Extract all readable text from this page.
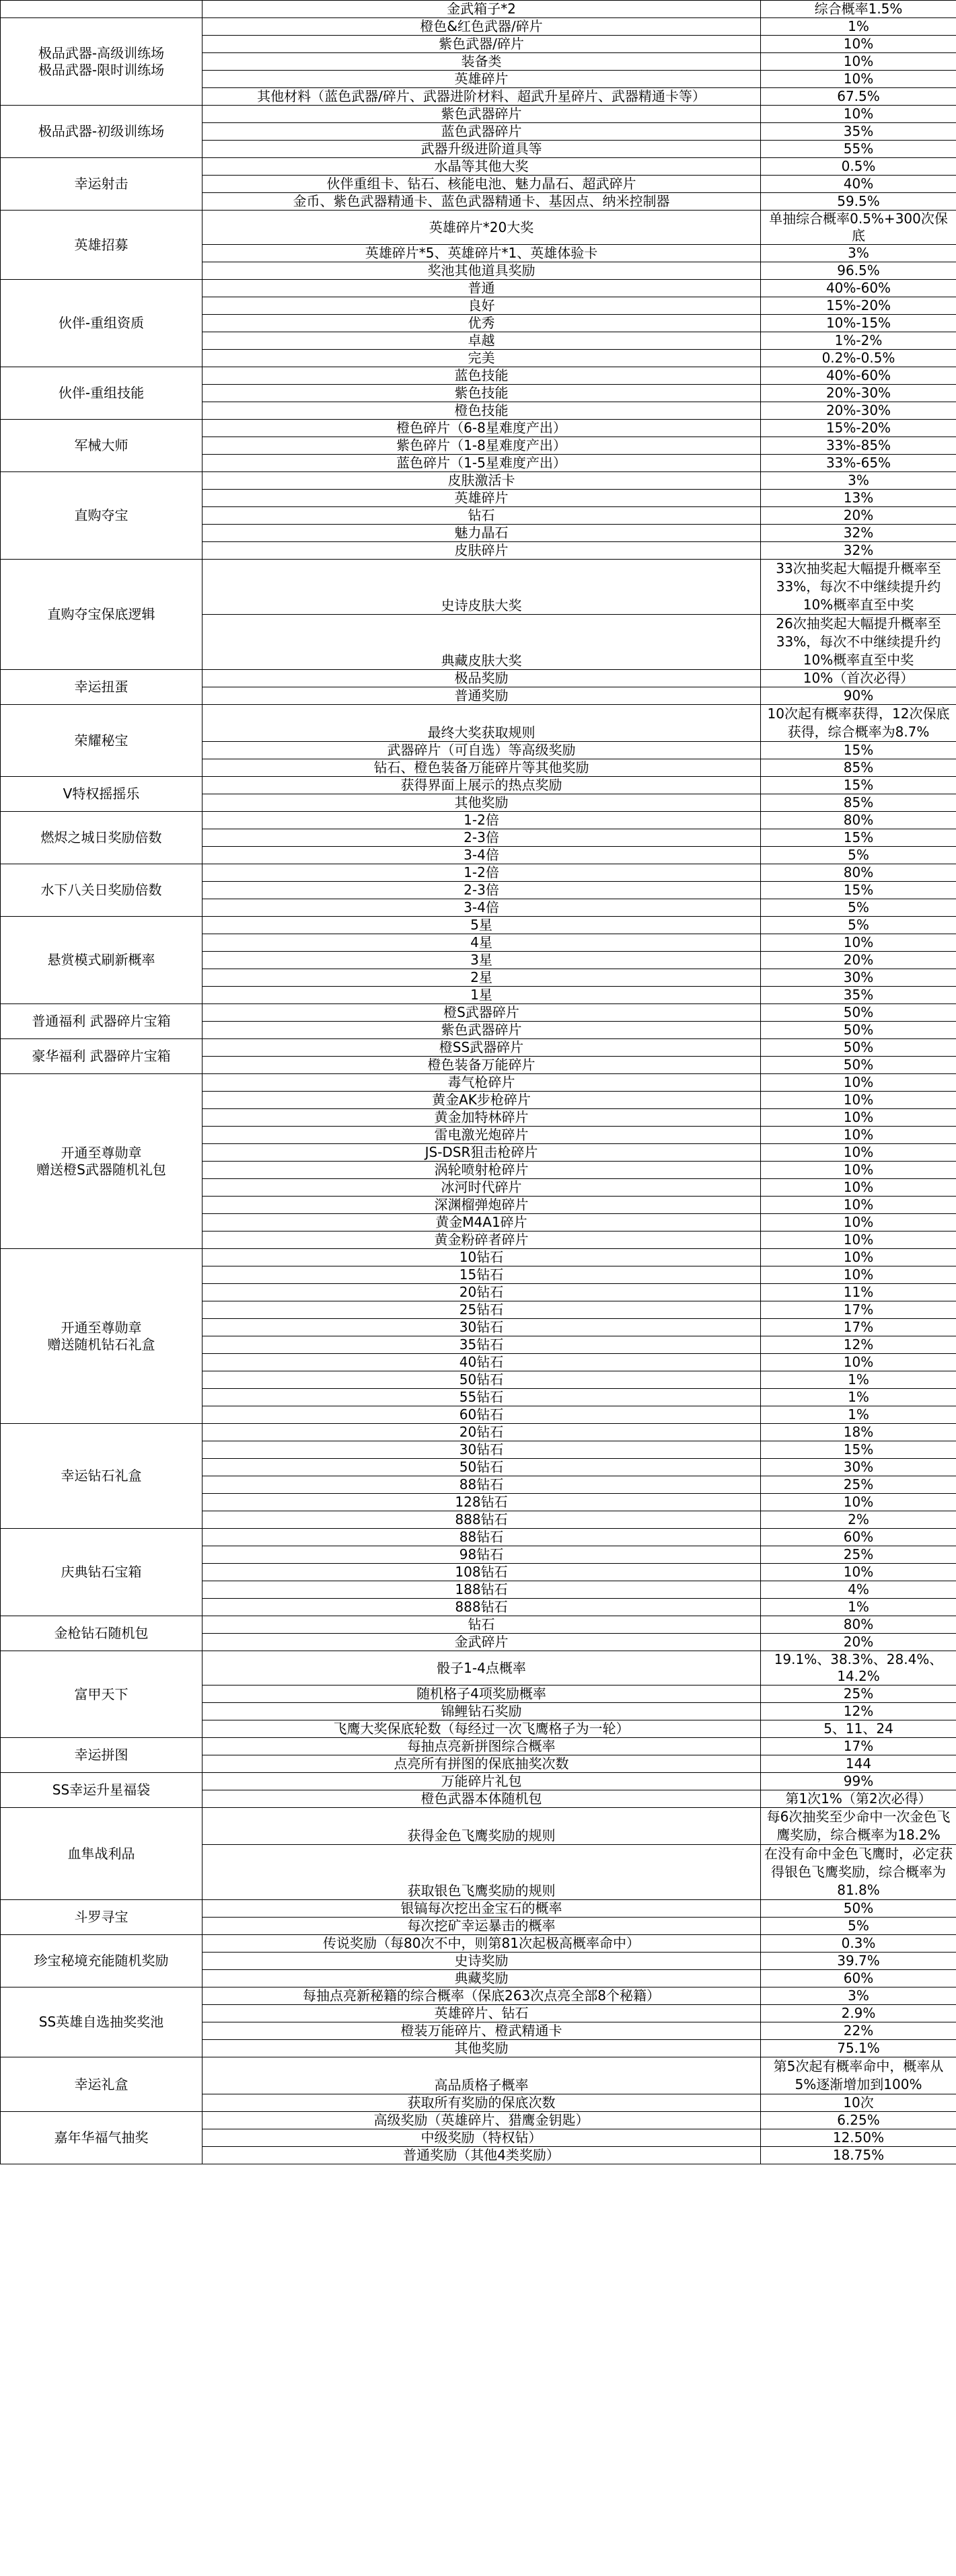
	金武箱子*2	综合概率1.5%
极品武器-高级训练场
极品武器-限时训练场	橙色&红色武器/碎片	1%
	紫色武器/碎片	10%
	装备类	10%
	英雄碎片	10%
	其他材料（蓝色武器/碎片、武器进阶材料、超武升星碎片、武器精通卡等）	67.5%
极品武器-初级训练场	紫色武器碎片	10%
	蓝色武器碎片	35%
	武器升级进阶道具等	55%
幸运射击	水晶等其他大奖	0.5%
	伙伴重组卡、钻石、核能电池、魅力晶石、超武碎片	40%
	金币、紫色武器精通卡、蓝色武器精通卡、基因点、纳米控制器	59.5%
英雄招募	英雄碎片*20大奖	单抽综合概率0.5%+300次保底
	英雄碎片*5、英雄碎片*1、英雄体验卡	3%
	奖池其他道具奖励	96.5%
伙伴-重组资质	普通	40%-60%
	良好	15%-20%
	优秀	10%-15%
	卓越	1%-2%
	完美	0.2%-0.5%
伙伴-重组技能	蓝色技能	40%-60%
	紫色技能	20%-30%
	橙色技能	20%-30%
军械大师	橙色碎片（6-8星难度产出）	15%-20%
	紫色碎片（1-8星难度产出）	33%-85%
	蓝色碎片（1-5星难度产出）	33%-65%
直购夺宝	皮肤激活卡	3%
	英雄碎片	13%
	钻石	20%
	魅力晶石	32%
	皮肤碎片	32%
直购夺宝保底逻辑	史诗皮肤大奖	33次抽奖起大幅提升概率至33%，每次不中继续提升约10%概率直至中奖
	典藏皮肤大奖	26次抽奖起大幅提升概率至33%，每次不中继续提升约10%概率直至中奖
幸运扭蛋	极品奖励	10%（首次必得）
	普通奖励	90%
荣耀秘宝	最终大奖获取规则	10次起有概率获得，12次保底获得，综合概率为8.7%
	武器碎片（可自选）等高级奖励	15%
	钻石、橙色装备万能碎片等其他奖励	85%
V特权摇摇乐	获得界面上展示的热点奖励	15%
	其他奖励	85%
燃烬之城日奖励倍数	1-2倍	80%
	2-3倍	15%
	3-4倍	5%
水下八关日奖励倍数	1-2倍	80%
	2-3倍	15%
	3-4倍	5%
悬赏模式刷新概率	5星	5%
	4星	10%
	3星	20%
	2星	30%
	1星	35%
普通福利 武器碎片宝箱	橙S武器碎片	50%
	紫色武器碎片	50%
豪华福利 武器碎片宝箱	橙SS武器碎片	50%
	橙色装备万能碎片	50%
开通至尊勋章
赠送橙S武器随机礼包	毒气枪碎片	10%
	黄金AK步枪碎片	10%
	黄金加特林碎片	10%
	雷电激光炮碎片	10%
	JS-DSR狙击枪碎片	10%
	涡轮喷射枪碎片	10%
	冰河时代碎片	10%
	深渊榴弹炮碎片	10%
	黄金M4A1碎片	10%
	黄金粉碎者碎片	10%
开通至尊勋章
赠送随机钻石礼盒	10钻石	10%
	15钻石	10%
	20钻石	11%
	25钻石	17%
	30钻石	17%
	35钻石	12%
	40钻石	10%
	50钻石	1%
	55钻石	1%
	60钻石	1%
幸运钻石礼盒	20钻石	18%
	30钻石	15%
	50钻石	30%
	88钻石	25%
	128钻石	10%
	888钻石	2%
庆典钻石宝箱	88钻石	60%
	98钻石	25%
	108钻石	10%
	188钻石	4%
	888钻石	1%
金枪钻石随机包	钻石	80%
	金武碎片	20%
富甲天下	骰子1-4点概率	19.1%、38.3%、28.4%、14.2%
	随机格子4项奖励概率	25%
	锦鲤钻石奖励	12%
	飞鹰大奖保底轮数（每经过一次飞鹰格子为一轮）	5、11、24
幸运拼图	每抽点亮新拼图综合概率	17%
	点亮所有拼图的保底抽奖次数	144
SS幸运升星福袋	万能碎片礼包	99%
	橙色武器本体随机包	第1次1%（第2次必得）
血隼战利品	获得金色飞鹰奖励的规则	每6次抽奖至少命中一次金色飞鹰奖励，综合概率为18.2%
	获取银色飞鹰奖励的规则	在没有命中金色飞鹰时，必定获得银色飞鹰奖励，综合概率为81.8%
斗罗寻宝	银镐每次挖出金宝石的概率	50%
	每次挖矿幸运暴击的概率	5%
珍宝秘境充能随机奖励	传说奖励（每80次不中，则第81次起极高概率命中）	0.3%
	史诗奖励	39.7%
	典藏奖励	60%
SS英雄自选抽奖奖池	每抽点亮新秘籍的综合概率（保底263次点亮全部8个秘籍）	3%
	英雄碎片、钻石	2.9%
	橙装万能碎片、橙武精通卡	22%
	其他奖励	75.1%
幸运礼盒	高品质格子概率	第5次起有概率命中，概率从5%逐渐增加到100%
	获取所有奖励的保底次数	10次
嘉年华福气抽奖	高级奖励（英雄碎片、猎鹰金钥匙）	6.25%
	中级奖励（特权钻）	12.50%
	普通奖励（其他4类奖励）	18.75%
